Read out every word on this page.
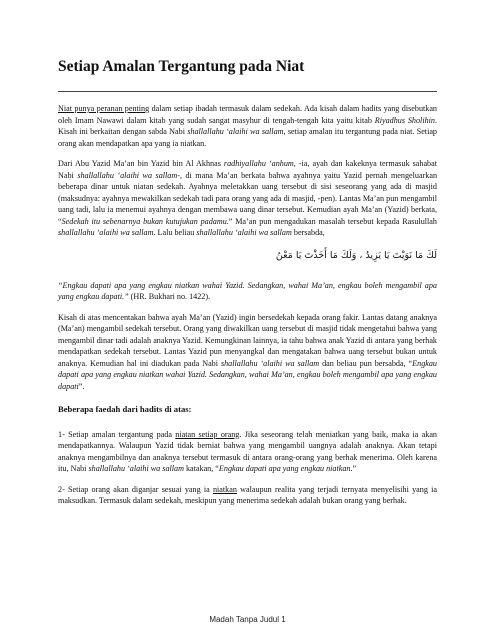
Setiap Amalan Tergantung pada Niat

Niat punya peranan penting dalam setiap ibadah termasuk dalam sedekah. Ada kisah dalam hadits yang disebutkan oleh Imam Nawawi dalam kitab yang sudah sangat masyhur di tengah-tengah kita yaitu kitab Riyadhus Sholihin. Kisah ini berkaitan dengan sabda Nabi shallallahu ‘alaihi wa sallam, setiap amalan itu tergantung pada niat. Setiap orang akan mendapatkan apa yang ia niatkan.

Dari Abu Yazid Ma’an bin Yazid bin Al Akhnas radhiyallahu ‘anhum, -ia, ayah dan kakeknya termasuk sahabat Nabi shallallahu ‘alaihi wa sallam-, di mana Ma’an berkata bahwa ayahnya yaitu Yazid pernah mengeluarkan beberapa dinar untuk niatan sedekah. Ayahnya meletakkan uang tersebut di sisi seseorang yang ada di masjid (maksudnya: ayahnya mewakilkan sedekah tadi para orang yang ada di masjid, -pen). Lantas Ma’an pun mengambil uang tadi, lalu ia menemui ayahnya dengan membawa uang dinar tersebut. Kemudian ayah Ma’an (Yazid) berkata, “Sedekah itu sebenarnya bukan kutujukan padamu.” Ma’an pun mengadukan masalah tersebut kepada Rasulullah shallallahu ‘alaihi wa sallam. Lalu beliau shallallahu ‘alaihi wa sallam bersabda,

لَكَ مَا نَوَيْتَ يَا يَزِيدُ ، وَلَكَ مَا أَخَذْتَ يَا مَعْنُ

“Engkau dapati apa yang engkau niatkan wahai Yazid. Sedangkan, wahai Ma’an, engkau boleh mengambil apa yang engkau dapati.” (HR. Bukhari no. 1422).

Kisah di atas mencentakan bahwa ayah Ma’an (Yazid) ingin bersedekah kepada orang fakir. Lantas datang anaknya (Ma’an) mengambil sedekah tersebut. Orang yang diwakilkan uang tersebut di masjid tidak mengetahui bahwa yang mengambil dinar tadi adalah anaknya Yazid. Kemungkinan lainnya, ia tahu bahwa anak Yazid di antara yang berhak mendapatkan sedekah tersebut. Lantas Yazid pun menyangkal dan mengatakan bahwa uang tersebut bukan untuk anaknya. Kemudian hal ini diadukan pada Nabi shallallahu ‘alaihi wa sallam dan beliau pun bersabda, “Engkau dapati apa yang engkau niatkan wahai Yazid. Sedangkan, wahai Ma’an, engkau boleh mengambil apa yang engkau dapati”.

Beberapa faedah dari hadits di atas:

1- Setiap amalan tergantung pada niatan setiap orang. Jika seseorang telah meniatkan yang baik, maka ia akan mendapatkannya. Walaupun Yazid tidak berniat bahwa yang mengambil uangnya adalah anaknya. Akan tetapi anaknya mengambilnya dan anaknya tersebut termasuk di antara orang-orang yang berhak menerima. Oleh karena itu, Nabi shallallahu ‘alaihi wa sallam katakan, “Engkau dapati apa yang engkau niatkan.”

2- Setiap orang akan diganjar sesuai yang ia niatkan walaupun realita yang terjadi ternyata menyelisihi yang ia maksudkan. Termasuk dalam sedekah, meskipun yang menerima sedekah adalah bukan orang yang berhak.

Madah Tanpa Judul 1
